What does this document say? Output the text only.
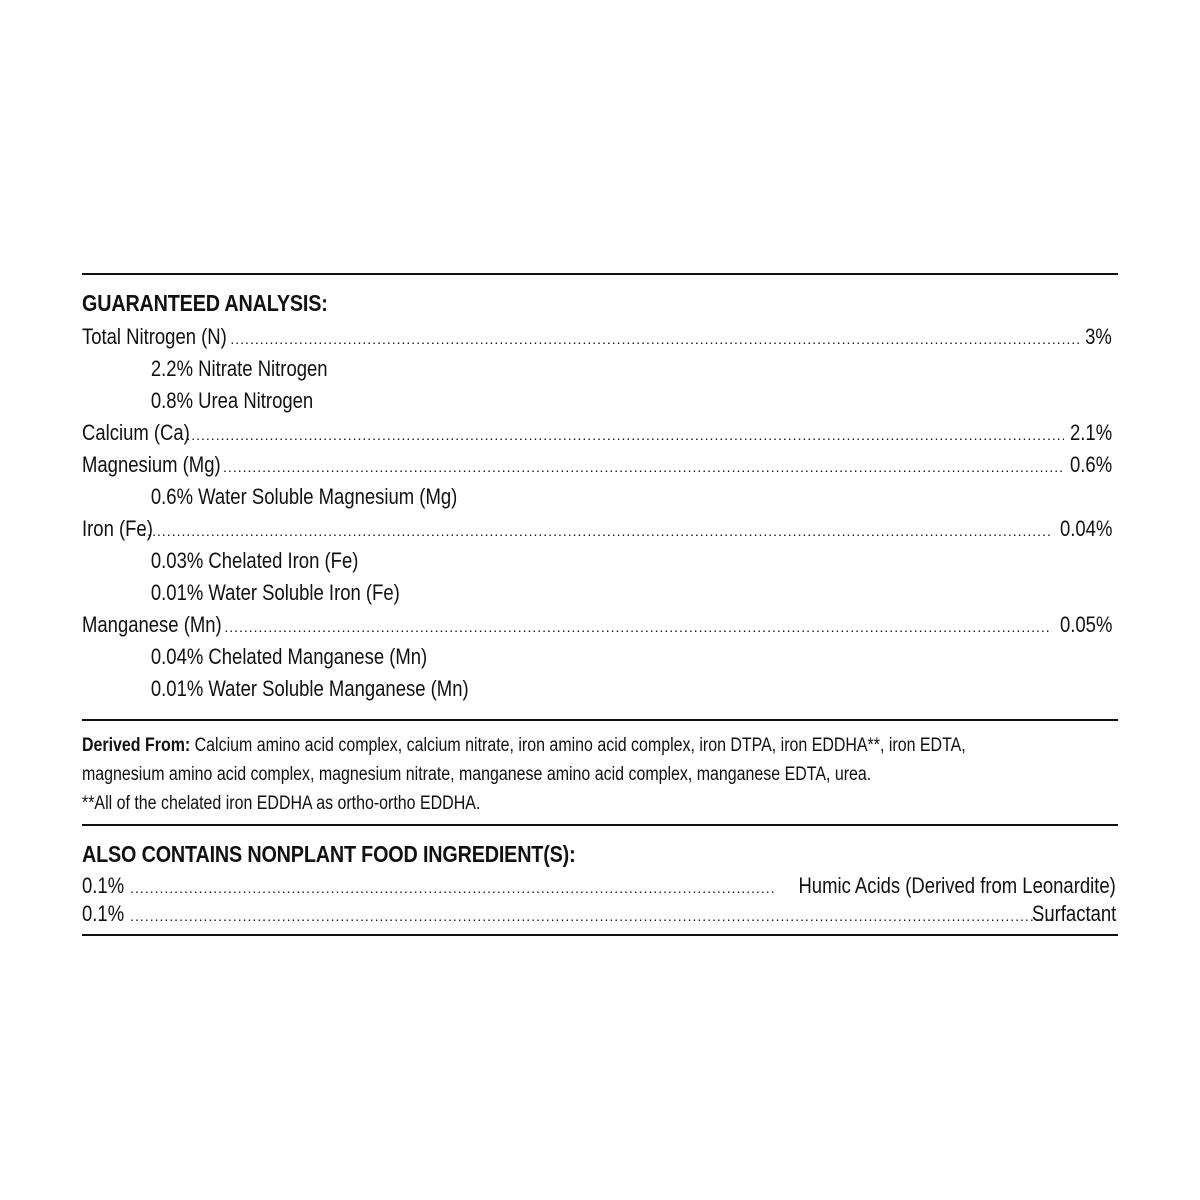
GUARANTEED ANALYSIS:
Total Nitrogen (N) .....	3%
2.2% Nitrate Nitrogen
0.8% Urea Nitrogen
Calcium (Ca) .....	2.1%
Magnesium (Mg) .....	0.6%
0.6% Water Soluble Magnesium (Mg)
Iron (Fe) .....	0.04%
0.03% Chelated Iron (Fe)
0.01% Water Soluble Iron (Fe)
Manganese (Mn) .....	0.05%
0.04% Chelated Manganese (Mn)
0.01% Water Soluble Manganese (Mn)

Derived From: Calcium amino acid complex, calcium nitrate, iron amino acid complex, iron DTPA, iron EDDHA**, iron EDTA,

magnesium amino acid complex, magnesium nitrate, manganese amino acid complex, manganese EDTA, urea.

**All of the chelated iron EDDHA as ortho-ortho EDDHA.

ALSO CONTAINS NONPLANT FOOD INGREDIENT(S):
0.1% .....	Humic Acids (Derived from Leonardite)
0.1% .....	Surfactant
